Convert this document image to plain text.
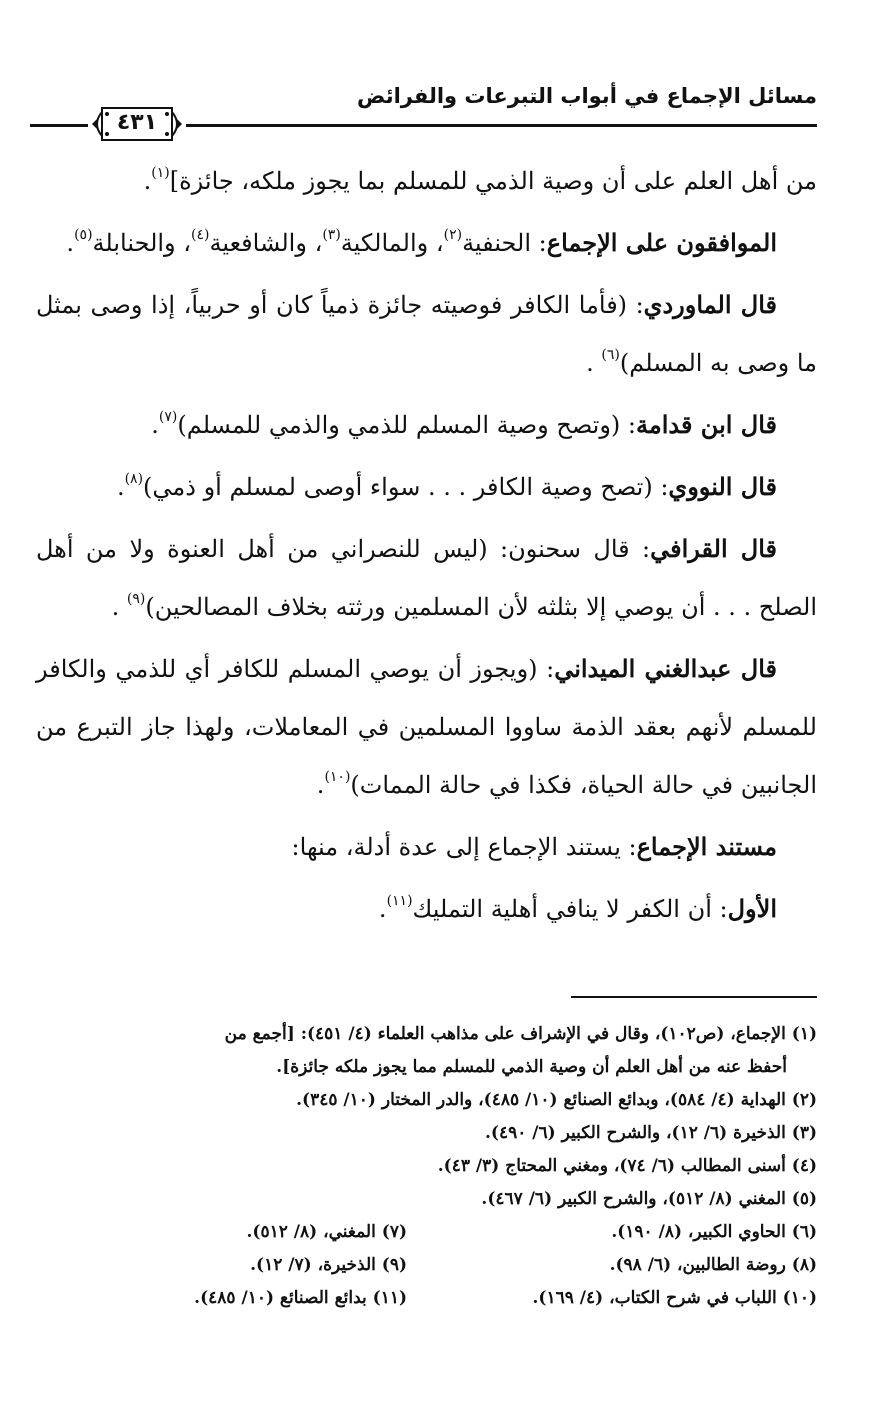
مسائل الإجماع في أبواب التبرعات والفرائض
٤٣١

من أهل العلم على أن وصية الذمي للمسلم بما يجوز ملكه، جائزة]$^{(١)}$.

الموافقون على الإجماع: الحنفية$^{(٢)}$، والمالكية$^{(٣)}$، والشافعية$^{(٤)}$، والحنابلة$^{(٥)}$.

قال الماوردي: (فأما الكافر فوصيته جائزة ذمياً كان أو حربياً، إذا وصى بمثل ما وصى به المسلم)$^{(٦)}$ .

قال ابن قدامة: (وتصح وصية المسلم للذمي والذمي للمسلم)$^{(٧)}$.

قال النووي: (تصح وصية الكافر . . . سواء أوصى لمسلم أو ذمي)$^{(٨)}$.

قال القرافي: قال سحنون: (ليس للنصراني من أهل العنوة ولا من أهل الصلح . . . أن يوصي إلا بثلثه لأن المسلمين ورثته بخلاف المصالحين)$^{(٩)}$ .

قال عبدالغني الميداني: (ويجوز أن يوصي المسلم للكافر أي للذمي والكافر للمسلم لأنهم بعقد الذمة ساووا المسلمين في المعاملات، ولهذا جاز التبرع من الجانبين في حالة الحياة، فكذا في حالة الممات)$^{(١٠)}$.

مستند الإجماع: يستند الإجماع إلى عدة أدلة، منها:

الأول: أن الكفر لا ينافي أهلية التمليك$^{(١١)}$.

(١) الإجماع، (ص١٠٢)، وقال في الإشراف على مذاهب العلماء (٤/ ٤٥١): [أجمع من

أحفظ عنه من أهل العلم أن وصية الذمي للمسلم مما يجوز ملكه جائزة].

(٢) الهداية (٤/ ٥٨٤)، وبدائع الصنائع (١٠/ ٤٨٥)، والدر المختار (١٠/ ٣٤٥).

(٣) الذخيرة (٦/ ١٢)، والشرح الكبير (٦/ ٤٩٠).

(٤) أسنى المطالب (٦/ ٧٤)، ومغني المحتاج (٣/ ٤٣).

(٥) المغني (٨/ ٥١٢)، والشرح الكبير (٦/ ٤٦٧).

(٦) الحاوي الكبير، (٨/ ١٩٠).
(٧) المغني، (٨/ ٥١٢).
(٨) روضة الطالبين، (٦/ ٩٨).
(٩) الذخيرة، (٧/ ١٢).
(١٠) اللباب في شرح الكتاب، (٤/ ١٦٩).
(١١) بدائع الصنائع (١٠/ ٤٨٥).
